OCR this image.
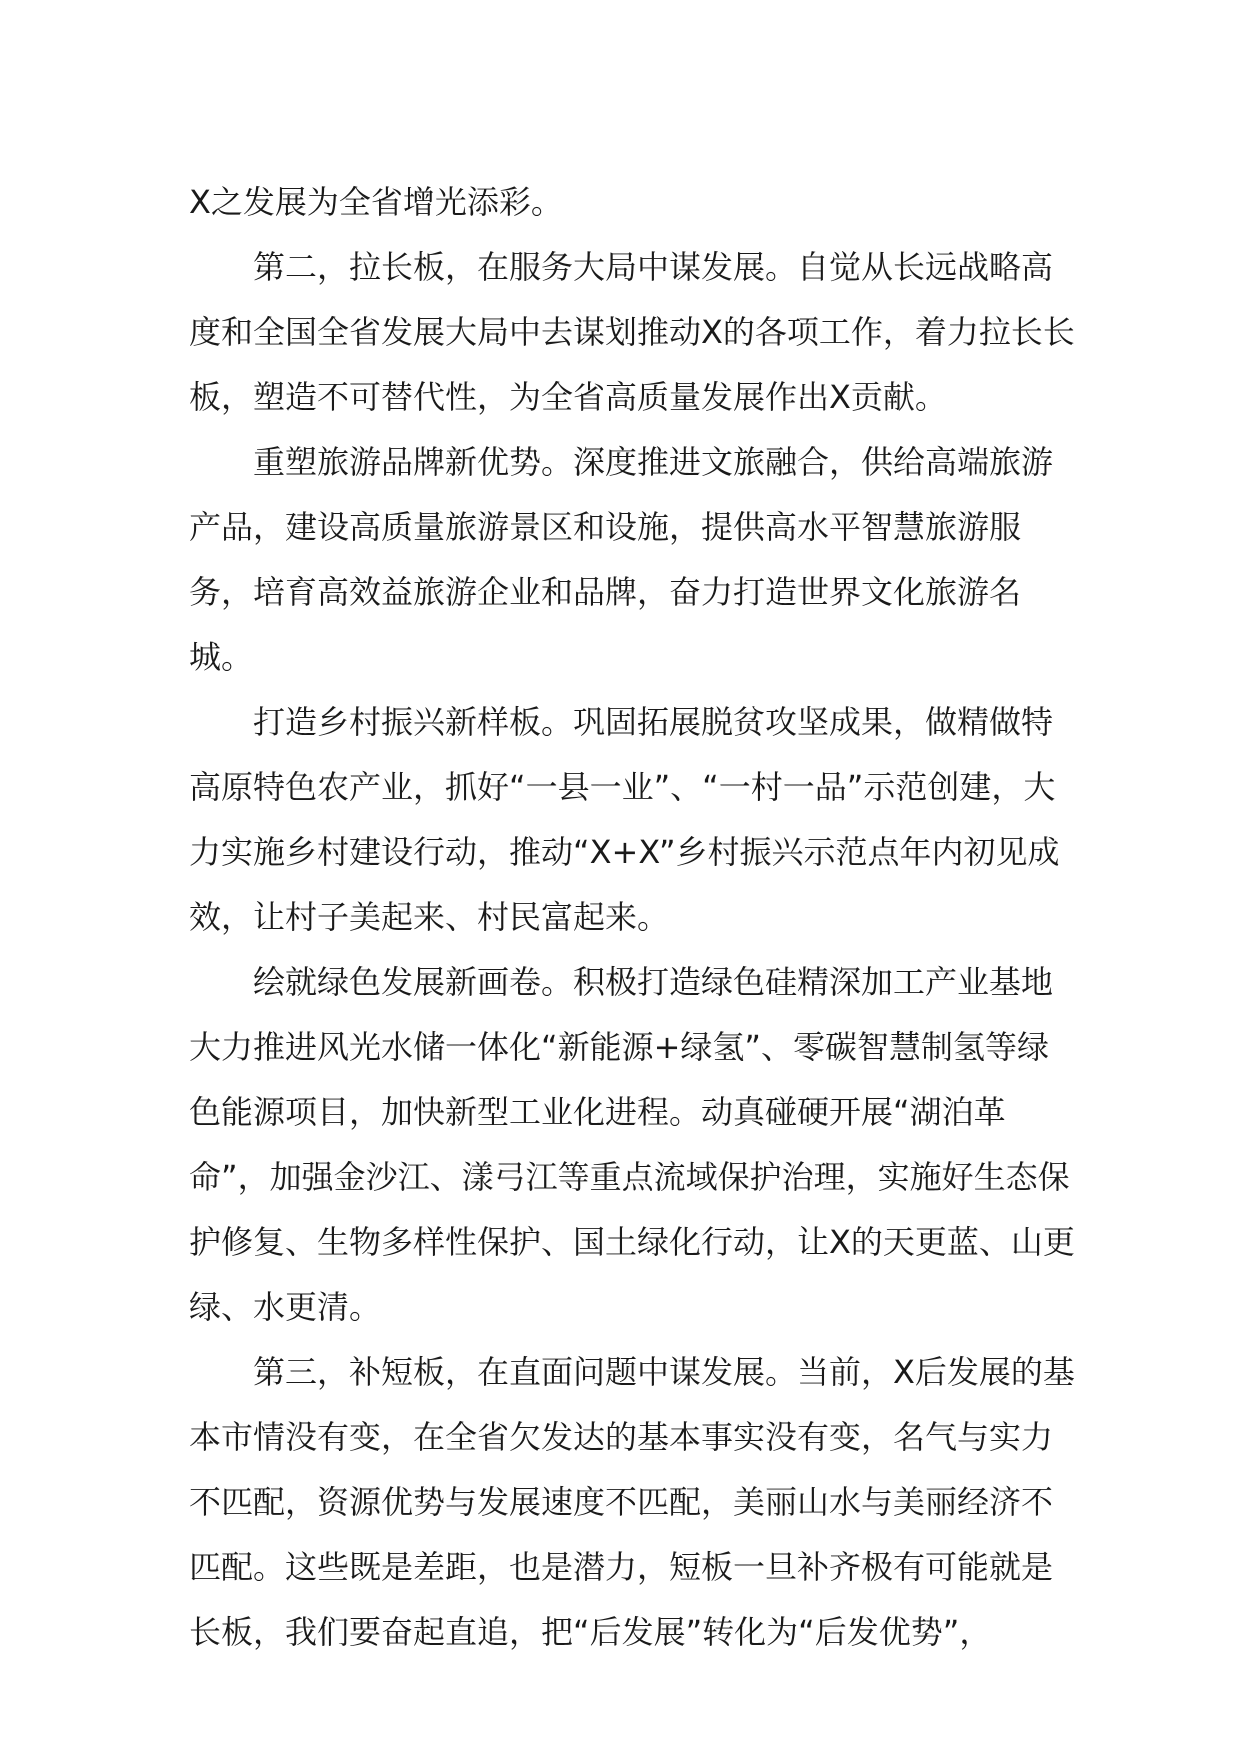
X之发展为全省增光添彩。

第二，拉长板，在服务大局中谋发展。自觉从长远战略高度和全国全省发展大局中去谋划推动X的各项工作，着力拉长长板，塑造不可替代性，为全省高质量发展作出X贡献。

重塑旅游品牌新优势。深度推进文旅融合，供给高端旅游产品，建设高质量旅游景区和设施，提供高水平智慧旅游服务，培育高效益旅游企业和品牌，奋力打造世界文化旅游名城。

打造乡村振兴新样板。巩固拓展脱贫攻坚成果，做精做特高原特色农产业，抓好“一县一业”、“一村一品”示范创建，大力实施乡村建设行动，推动“X+X”乡村振兴示范点年内初见成效，让村子美起来、村民富起来。

绘就绿色发展新画卷。积极打造绿色硅精深加工产业基地大力推进风光水储一体化“新能源+绿氢”、零碳智慧制氢等绿色能源项目，加快新型工业化进程。动真碰硬开展“湖泊革命”，加强金沙江、漾弓江等重点流域保护治理，实施好生态保护修复、生物多样性保护、国土绿化行动，让X的天更蓝、山更绿、水更清。

第三，补短板，在直面问题中谋发展。当前，X后发展的基本市情没有变，在全省欠发达的基本事实没有变，名气与实力不匹配，资源优势与发展速度不匹配，美丽山水与美丽经济不匹配。这些既是差距，也是潜力，短板一旦补齐极有可能就是长板，我们要奋起直追，把“后发展”转化为“后发优势”，
